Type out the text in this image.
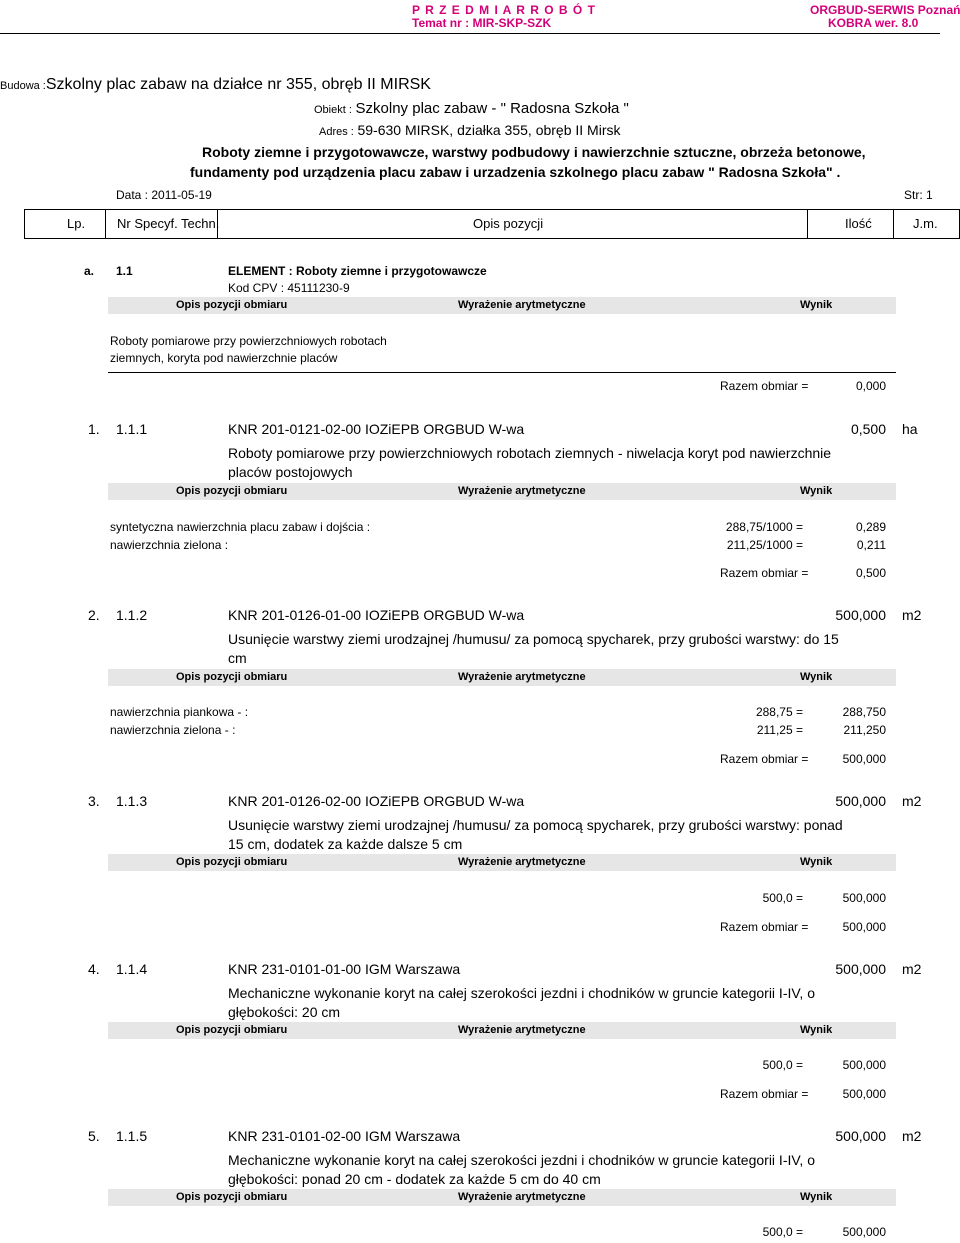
P R Z E D M I A R R O B Ó T
Temat nr : MIR-SKP-SZK
ORGBUD-SERWIS Poznań
KOBRA wer. 8.0
Budowa :Szkolny plac zabaw na działce nr 355, obręb II MIRSK
Obiekt : Szkolny plac zabaw - " Radosna Szkoła "
Adres : 59-630 MIRSK, działka 355, obręb II Mirsk
Roboty ziemne i przygotowawcze, warstwy podbudowy i nawierzchnie sztuczne, obrzeża betonowe,
fundamenty pod urządzenia placu zabaw i urzadzenia szkolnego placu zabaw " Radosna Szkoła" .
Data : 2011-05-19	Str: 1
Lp. Nr Specyf. Techn.	Opis pozycji	Ilość	J.m.
a. 1.1	ELEMENT : Roboty ziemne i przygotowawcze
Kod CPV : 45111230-9
Opis pozycji obmiaru	Wyrażenie arytmetyczne	Wynik
Roboty pomiarowe przy powierzchniowych robotach
ziemnych, koryta pod nawierzchnie placów
Razem obmiar =	0,000
1. 1.1.1	KNR 201-0121-02-00 IOZiEPB ORGBUD W-wa	0,500 ha
Roboty pomiarowe przy powierzchniowych robotach ziemnych - niwelacja koryt pod nawierzchnie
placów postojowych
Opis pozycji obmiaru	Wyrażenie arytmetyczne	Wynik
syntetyczna nawierzchnia placu zabaw i dojścia :	288,75/1000 =	0,289
nawierzchnia zielona :	211,25/1000 =	0,211
Razem obmiar =	0,500
2. 1.1.2	KNR 201-0126-01-00 IOZiEPB ORGBUD W-wa	500,000 m2
Usunięcie warstwy ziemi urodzajnej /humusu/ za pomocą spycharek, przy grubości warstwy: do 15
cm
Opis pozycji obmiaru	Wyrażenie arytmetyczne	Wynik
nawierzchnia piankowa - :	288,75 =	288,750
nawierzchnia zielona - :	211,25 =	211,250
Razem obmiar =	500,000
3. 1.1.3	KNR 201-0126-02-00 IOZiEPB ORGBUD W-wa	500,000 m2
Usunięcie warstwy ziemi urodzajnej /humusu/ za pomocą spycharek, przy grubości warstwy: ponad
15 cm, dodatek za każde dalsze 5 cm
Opis pozycji obmiaru	Wyrażenie arytmetyczne	Wynik
500,0 =	500,000
Razem obmiar =	500,000
4. 1.1.4	KNR 231-0101-01-00 IGM Warszawa	500,000 m2
Mechaniczne wykonanie koryt na całej szerokości jezdni i chodników w gruncie kategorii I-IV, o
głębokości: 20 cm
Opis pozycji obmiaru	Wyrażenie arytmetyczne	Wynik
500,0 =	500,000
Razem obmiar =	500,000
5. 1.1.5	KNR 231-0101-02-00 IGM Warszawa	500,000 m2
Mechaniczne wykonanie koryt na całej szerokości jezdni i chodników w gruncie kategorii I-IV, o
głębokości: ponad 20 cm - dodatek za każde 5 cm do 40 cm
Opis pozycji obmiaru	Wyrażenie arytmetyczne	Wynik
500,0 =	500,000
